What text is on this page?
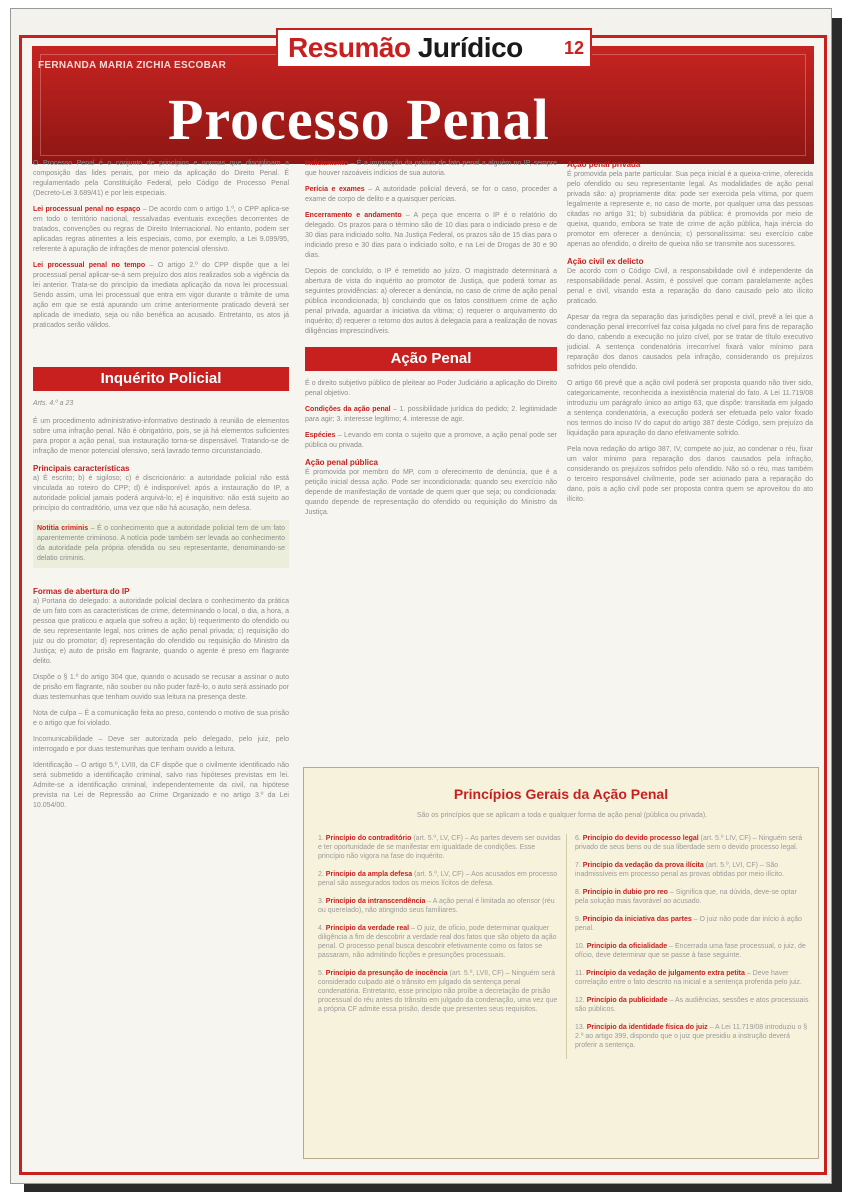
FERNANDA MARIA ZICHIA ESCOBAR
Processo Penal
Resumão Jurídico 12

O Processo Penal é o conjunto de princípios e normas que disciplinam a composição das lides penais, por meio da aplicação do Direito Penal. É regulamentado pela Constituição Federal, pelo Código de Processo Penal (Decreto-Lei 3.689/41) e por leis especiais.

Lei processual penal no espaço – De acordo com o artigo 1.º, o CPP aplica-se em todo o território nacional, ressalvadas eventuais exceções decorrentes de tratados, convenções ou regras de Direito Internacional. No entanto, podem ser aplicadas regras atinentes a leis especiais, como, por exemplo, a Lei 9.099/95, referente à apuração de infrações de menor potencial ofensivo.

Lei processual penal no tempo – O artigo 2.º do CPP dispõe que a lei processual penal aplicar-se-á sem prejuízo dos atos realizados sob a vigência da lei anterior. Trata-se do princípio da imediata aplicação da nova lei processual. Sendo assim, uma lei processual que entra em vigor durante o trâmite de uma ação em que se está apurando um crime anteriormente praticado deverá ser aplicada de imediato, seja ou não benéfica ao acusado. Entretanto, os atos já praticados serão válidos.

Inquérito Policial
Arts. 4.º a 23

É um procedimento administrativo-informativo destinado à reunião de elementos sobre uma infração penal. Não é obrigatório, pois, se já há elementos suficientes para propor a ação penal, sua instauração torna-se dispensável. Tratando-se de infração de menor potencial ofensivo, será lavrado termo circunstanciado.

Principais características

a) É escrito; b) é sigiloso; c) é discricionário: a autoridade policial não está vinculada ao roteiro do CPP; d) é indisponível: após a instauração do IP, a autoridade policial jamais poderá arquivá-lo; e) é inquisitivo: não está sujeito ao princípio do contraditório, uma vez que não há acusação, nem defesa.

Notitia criminis – É o conhecimento que a autoridade policial tem de um fato aparentemente criminoso. A notícia pode também ser levada ao conhecimento da autoridade pela própria ofendida ou seu representante, denominando-se delatio criminis.
Formas de abertura do IP

a) Portaria do delegado: a autoridade policial declara o conhecimento da prática de um fato com as características de crime, determinando o local, o dia, a hora, a pessoa que praticou e aquela que sofreu a ação; b) requerimento do ofendido ou de seu representante legal, nos crimes de ação penal privada; c) requisição do juiz ou do promotor; d) representação do ofendido ou requisição do Ministro da Justiça; e) auto de prisão em flagrante, quando o agente é preso em flagrante delito.

Dispõe o § 1.º do artigo 304 que, quando o acusado se recusar a assinar o auto de prisão em flagrante, não souber ou não puder fazê-lo, o auto será assinado por duas testemunhas que tenham ouvido sua leitura na presença deste.

Nota de culpa – É a comunicação feita ao preso, contendo o motivo de sua prisão e o artigo que foi violado.

Incomunicabilidade – Deve ser autorizada pelo delegado, pelo juiz, pelo interrogado e por duas testemunhas que tenham ouvido a leitura.

Identificação – O artigo 5.º, LVIII, da CF dispõe que o civilmente identificado não será submetido a identificação criminal, salvo nas hipóteses previstas em lei. Admite-se a identificação criminal, independentemente da civil, na hipótese prevista na Lei de Repressão ao Crime Organizado e no artigo 3.º da Lei 10.054/00.

Indiciamento – É a imputação da prática de fato penal a alguém no IP, sempre que houver razoáveis indícios de sua autoria.

Perícia e exames – A autoridade policial deverá, se for o caso, proceder a exame de corpo de delito e a quaisquer perícias.

Encerramento e andamento – A peça que encerra o IP é o relatório do delegado. Os prazos para o término são de 10 dias para o indiciado preso e de 30 dias para indiciado solto. Na Justiça Federal, os prazos são de 15 dias para o indiciado preso e 30 dias para o indiciado solto, e na Lei de Drogas de 30 e 90 dias.

Depois de concluído, o IP é remetido ao juízo. O magistrado determinará a abertura de vista do inquérito ao promotor de Justiça, que poderá tomar as seguintes providências: a) oferecer a denúncia, no caso de crime de ação penal pública incondicionada; b) concluindo que os fatos constituem crime de ação penal privada, aguardar a iniciativa da vítima; c) requerer o arquivamento do inquérito; d) requerer o retorno dos autos à delegacia para a realização de novas diligências imprescindíveis.

Ação Penal

É o direito subjetivo público de pleitear ao Poder Judiciário a aplicação do Direito penal objetivo.

Condições da ação penal – 1. possibilidade jurídica do pedido; 2. legitimidade para agir; 3. interesse legítimo; 4. interesse de agir.

Espécies – Levando em conta o sujeito que a promove, a ação penal pode ser pública ou privada.

Ação penal pública

É promovida por membro do MP, com o oferecimento de denúncia, que é a petição inicial dessa ação. Pode ser incondicionada: quando seu exercício não depende de manifestação de vontade de quem quer que seja; ou condicionada: quando depende de representação do ofendido ou requisição do Ministro da Justiça.

Ação penal privada

É promovida pela parte particular. Sua peça inicial é a queixa-crime, oferecida pelo ofendido ou seu representante legal. As modalidades de ação penal privada são: a) propriamente dita: pode ser exercida pela vítima, por quem legalmente a represente e, no caso de morte, por qualquer uma das pessoas citadas no artigo 31; b) subsidiária da pública: é promovida por meio de queixa, quando, embora se trate de crime de ação pública, haja inércia do promotor em oferecer a denúncia; c) personalíssima: seu exercício cabe apenas ao ofendido, o direito de queixa não se transmite aos sucessores.

Ação civil ex delicto

De acordo com o Código Civil, a responsabilidade civil é independente da responsabilidade penal. Assim, é possível que corram paralelamente ações penal e civil, visando esta a reparação do dano causado pelo ato ilícito praticado.

Apesar da regra da separação das jurisdições penal e civil, prevê a lei que a condenação penal irrecorrível faz coisa julgada no cível para fins de reparação do dano, cabendo a execução no juízo cível, por se tratar de título executivo judicial. A sentença condenatória irrecorrível fixará valor mínimo para reparação dos danos causados pela infração, considerando os prejuízos sofridos pelo ofendido.

O artigo 66 prevê que a ação civil poderá ser proposta quando não tiver sido, categoricamente, reconhecida a inexistência material do fato. A Lei 11.719/08 introduziu um parágrafo único ao artigo 63, que dispõe: transitada em julgado a sentença condenatória, a execução poderá ser efetuada pelo valor fixado nos termos do inciso IV do caput do artigo 387 deste Código, sem prejuízo da liquidação para apuração do dano efetivamente sofrido.

Pela nova redação do artigo 387, IV, compete ao juiz, ao condenar o réu, fixar um valor mínimo para reparação dos danos causados pela infração, considerando os prejuízos sofridos pelo ofendido. Não só o réu, mas também o terceiro responsável civilmente, pode ser acionado para a reparação do dano, pois a ação civil pode ser proposta contra quem se aproveitou do ato ilícito.

Princípios Gerais da Ação Penal
São os princípios que se aplicam a toda e qualquer forma de ação penal (pública ou privada).
1. Princípio do contraditório (art. 5.º, LV, CF) – As partes devem ser ouvidas e ter oportunidade de se manifestar em igualdade de condições. Esse princípio não vigora na fase do inquérito.
2. Princípio da ampla defesa (art. 5.º, LV, CF) – Aos acusados em processo penal são assegurados todos os meios lícitos de defesa.
3. Princípio da intranscendência – A ação penal é limitada ao ofensor (réu ou querelado), não atingindo seus familiares.
4. Princípio da verdade real – O juiz, de ofício, pode determinar qualquer diligência a fim de descobrir a verdade real dos fatos que são objeto da ação penal. O processo penal busca descobrir efetivamente como os fatos se passaram, não admitindo ficções e presunções processuais.
5. Princípio da presunção de inocência (art. 5.º, LVII, CF) – Ninguém será considerado culpado até o trânsito em julgado da sentença penal condenatória. Entretanto, esse princípio não proíbe a decretação de prisão processual do réu antes do trânsito em julgado da condenação, uma vez que a própria CF admite essa prisão, desde que presentes seus requisitos.
6. Princípio do devido processo legal (art. 5.º LIV, CF) – Ninguém será privado de seus bens ou de sua liberdade sem o devido processo legal.
7. Princípio da vedação da prova ilícita (art. 5.º, LVI, CF) – São inadmissíveis em processo penal as provas obtidas por meio ilícito.
8. Princípio in dubio pro reo – Significa que, na dúvida, deve-se optar pela solução mais favorável ao acusado.
9. Princípio da iniciativa das partes – O juiz não pode dar início à ação penal.
10. Princípio da oficialidade – Encerrada uma fase processual, o juiz, de ofício, deve determinar que se passe à fase seguinte.
11. Princípio da vedação de julgamento extra petita – Deve haver correlação entre o fato descrito na inicial e a sentença proferida pelo juiz.
12. Princípio da publicidade – As audiências, sessões e atos processuais são públicos.
13. Princípio da identidade física do juiz – A Lei 11.719/08 introduziu o § 2.º ao artigo 399, dispondo que o juiz que presidiu a instrução deverá proferir a sentença.
